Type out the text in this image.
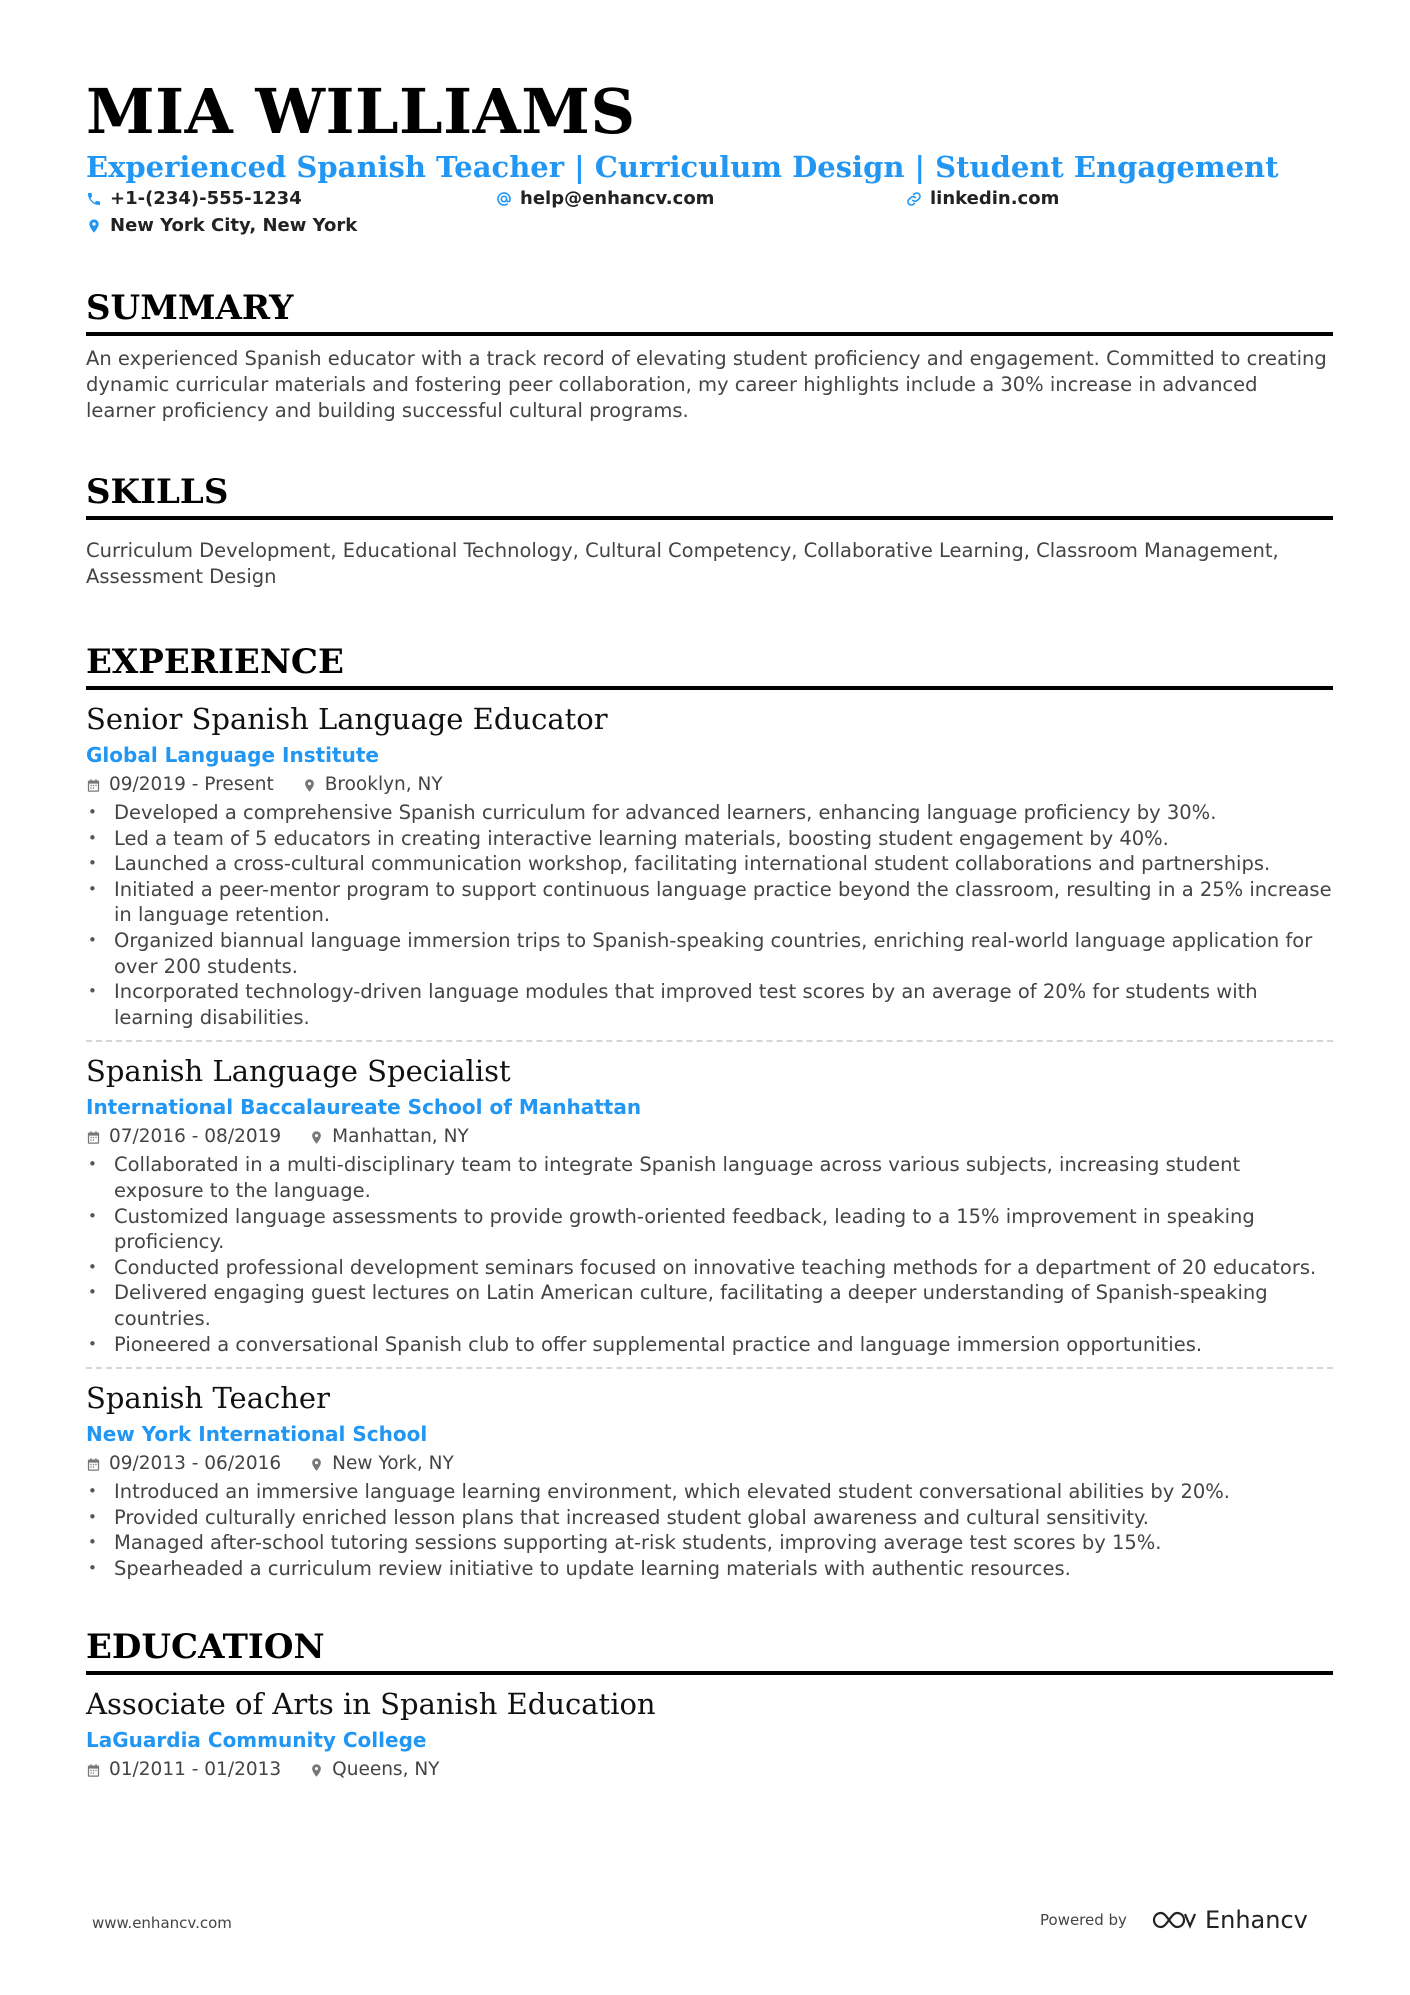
MIA WILLIAMS
Experienced Spanish Teacher | Curriculum Design | Student Engagement
+1-(234)-555-1234	help@enhancv.com	linkedin.com
New York City, New York
SUMMARY
An experienced Spanish educator with a track record of elevating student proficiency and engagement. Committed to creating dynamic curricular materials and fostering peer collaboration, my career highlights include a 30% increase in advanced learner proficiency and building successful cultural programs.
SKILLS
Curriculum Development, Educational Technology, Cultural Competency, Collaborative Learning, Classroom Management, Assessment Design
EXPERIENCE
Senior Spanish Language Educator
Global Language Institute
09/2019 - Present	Brooklyn, NY
• Developed a comprehensive Spanish curriculum for advanced learners, enhancing language proficiency by 30%.
• Led a team of 5 educators in creating interactive learning materials, boosting student engagement by 40%.
• Launched a cross-cultural communication workshop, facilitating international student collaborations and partnerships.
• Initiated a peer-mentor program to support continuous language practice beyond the classroom, resulting in a 25% increase in language retention.
• Organized biannual language immersion trips to Spanish-speaking countries, enriching real-world language application for over 200 students.
• Incorporated technology-driven language modules that improved test scores by an average of 20% for students with learning disabilities.
Spanish Language Specialist
International Baccalaureate School of Manhattan
07/2016 - 08/2019	Manhattan, NY
• Collaborated in a multi-disciplinary team to integrate Spanish language across various subjects, increasing student exposure to the language.
• Customized language assessments to provide growth-oriented feedback, leading to a 15% improvement in speaking proficiency.
• Conducted professional development seminars focused on innovative teaching methods for a department of 20 educators.
• Delivered engaging guest lectures on Latin American culture, facilitating a deeper understanding of Spanish-speaking countries.
• Pioneered a conversational Spanish club to offer supplemental practice and language immersion opportunities.
Spanish Teacher
New York International School
09/2013 - 06/2016	New York, NY
• Introduced an immersive language learning environment, which elevated student conversational abilities by 20%.
• Provided culturally enriched lesson plans that increased student global awareness and cultural sensitivity.
• Managed after-school tutoring sessions supporting at-risk students, improving average test scores by 15%.
• Spearheaded a curriculum review initiative to update learning materials with authentic resources.
EDUCATION
Associate of Arts in Spanish Education
LaGuardia Community College
01/2011 - 01/2013	Queens, NY
www.enhancv.com	Powered by	Enhancv
